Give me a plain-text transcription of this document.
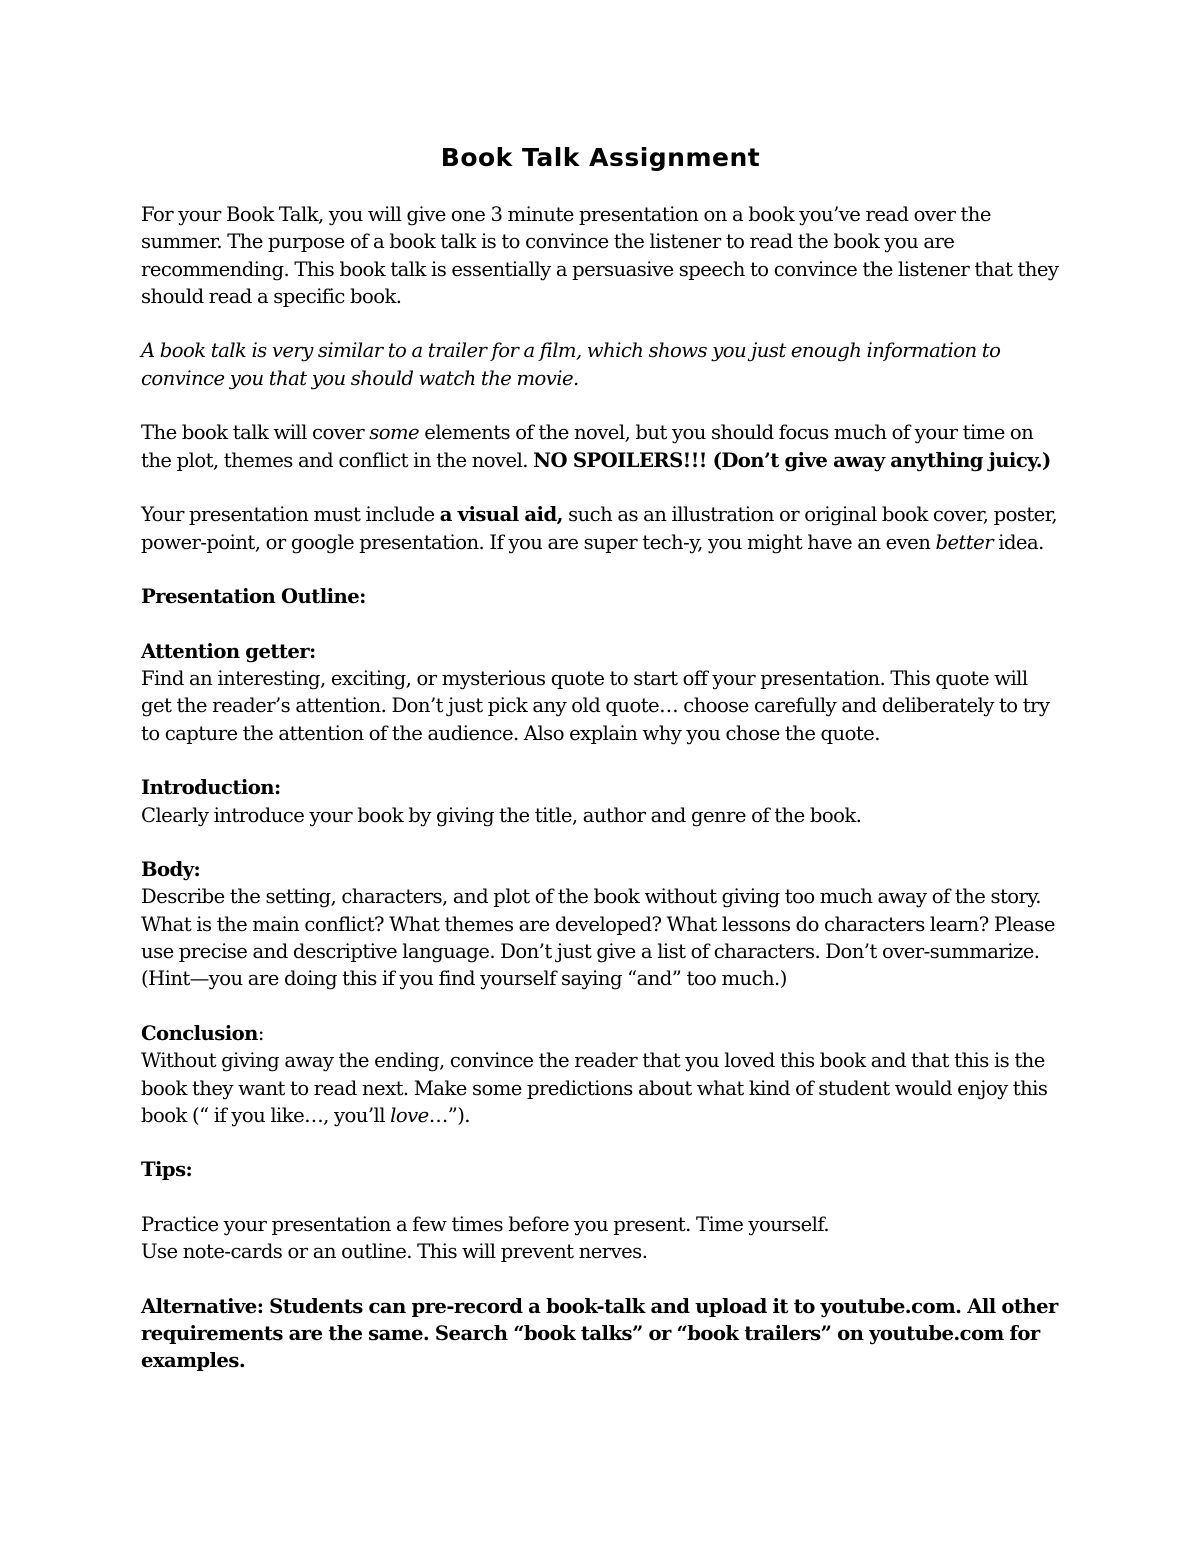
Book Talk Assignment

For your Book Talk, you will give one 3 minute presentation on a book you’ve read over the summer. The purpose of a book talk is to convince the listener to read the book you are recommending. This book talk is essentially a persuasive speech to convince the listener that they should read a specific book.

A book talk is very similar to a trailer for a film, which shows you just enough information to convince you that you should watch the movie.

The book talk will cover some elements of the novel, but you should focus much of your time on the plot, themes and conflict in the novel. NO SPOILERS!!! (Don’t give away anything juicy.)

Your presentation must include a visual aid, such as an illustration or original book cover, poster, power-point, or google presentation. If you are super tech-y, you might have an even better idea.

Presentation Outline:

Attention getter:

Find an interesting, exciting, or mysterious quote to start off your presentation. This quote will get the reader’s attention. Don’t just pick any old quote… choose carefully and deliberately to try to capture the attention of the audience. Also explain why you chose the quote.

Introduction:

Clearly introduce your book by giving the title, author and genre of the book.

Body:

Describe the setting, characters, and plot of the book without giving too much away of the story. What is the main conflict? What themes are developed? What lessons do characters learn? Please use precise and descriptive language. Don’t just give a list of characters. Don’t over-summarize. (Hint—you are doing this if you find yourself saying “and” too much.)

Conclusion:

Without giving away the ending, convince the reader that you loved this book and that this is the book they want to read next. Make some predictions about what kind of student would enjoy this book (“ if you like…, you’ll love…”).

Tips:

Practice your presentation a few times before you present. Time yourself.

Use note-cards or an outline. This will prevent nerves.

Alternative: Students can pre-record a book-talk and upload it to youtube.com. All other requirements are the same. Search “book talks” or “book trailers” on youtube.com for examples.
